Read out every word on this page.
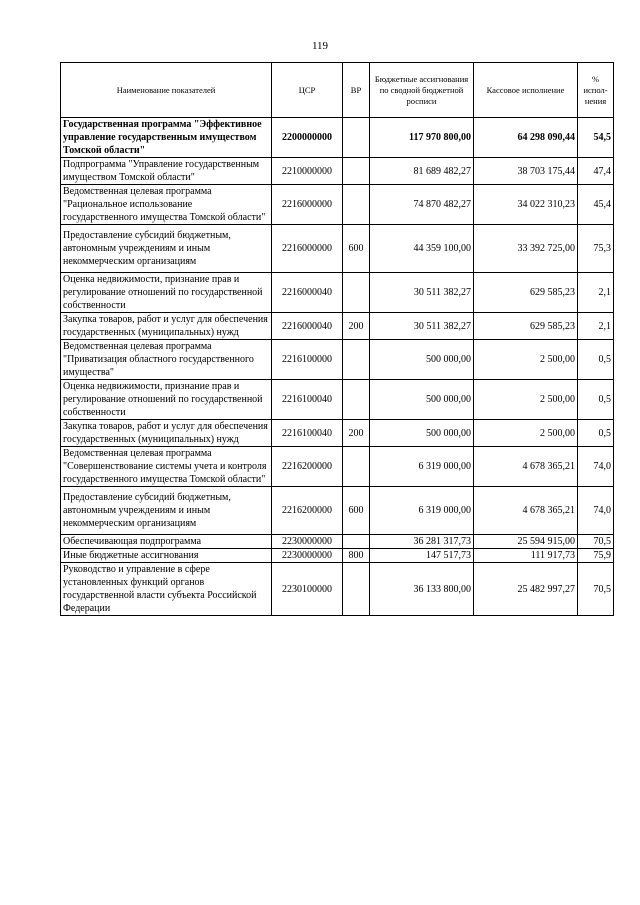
119
Наименование показателей	ЦСР	ВР	Бюджетные ассигнования по сводной бюджетной росписи	Кассовое исполнение	% испол-нения
Государственная программа "Эффективное управление государственным имуществом Томской области"	2200000000		117 970 800,00	64 298 090,44	54,5
Подпрограмма "Управление государственным имуществом Томской области"	2210000000		81 689 482,27	38 703 175,44	47,4
Ведомственная целевая программа "Рациональное использование государственного имущества Томской области"	2216000000		74 870 482,27	34 022 310,23	45,4
Предоставление субсидий бюджетным, автономным учреждениям и иным некоммерческим организациям	2216000000	600	44 359 100,00	33 392 725,00	75,3
Оценка недвижимости, признание прав и регулирование отношений по государственной собственности	2216000040		30 511 382,27	629 585,23	2,1
Закупка товаров, работ и услуг для обеспечения государственных (муниципальных) нужд	2216000040	200	30 511 382,27	629 585,23	2,1
Ведомственная целевая программа "Приватизация областного государственного имущества"	2216100000		500 000,00	2 500,00	0,5
Оценка недвижимости, признание прав и регулирование отношений по государственной собственности	2216100040		500 000,00	2 500,00	0,5
Закупка товаров, работ и услуг для обеспечения государственных (муниципальных) нужд	2216100040	200	500 000,00	2 500,00	0,5
Ведомственная целевая программа "Совершенствование системы учета и контроля государственного имущества Томской области"	2216200000		6 319 000,00	4 678 365,21	74,0
Предоставление субсидий бюджетным, автономным учреждениям и иным некоммерческим организациям	2216200000	600	6 319 000,00	4 678 365,21	74,0
Обеспечивающая подпрограмма	2230000000		36 281 317,73	25 594 915,00	70,5
Иные бюджетные ассигнования	2230000000	800	147 517,73	111 917,73	75,9
Руководство и управление в сфере установленных функций органов государственной власти субъекта Российской Федерации	2230100000		36 133 800,00	25 482 997,27	70,5
